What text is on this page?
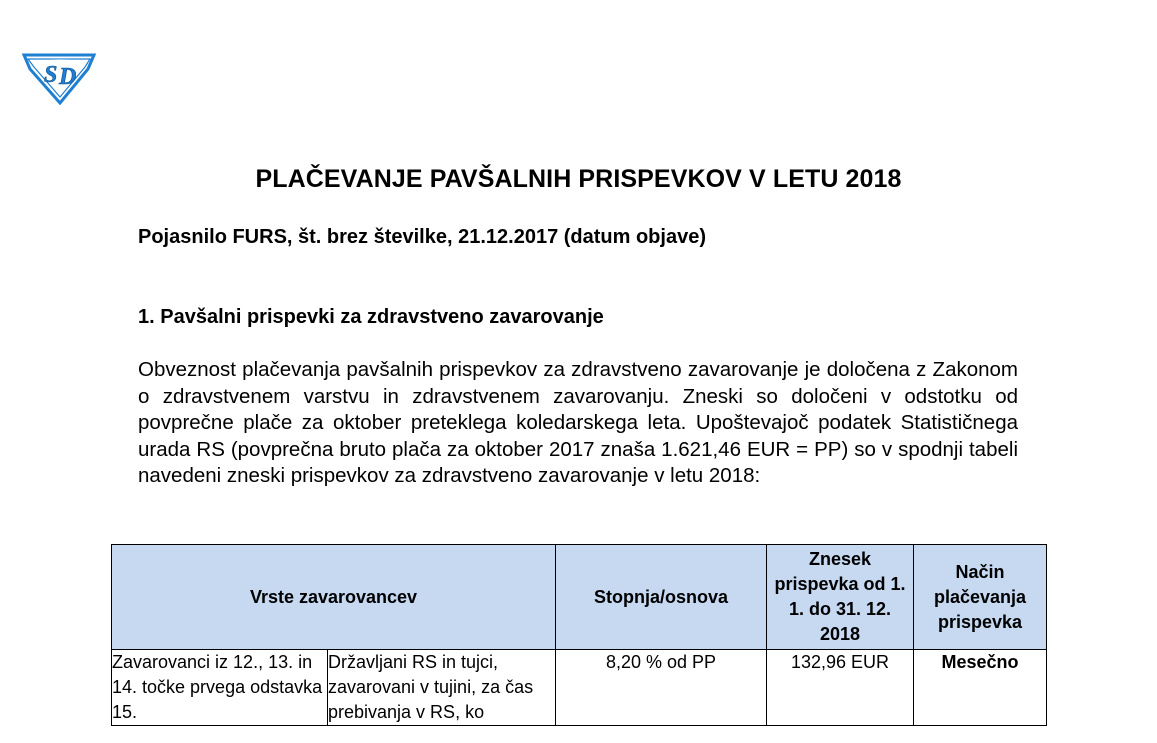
S D
PLAČEVANJE PAVŠALNIH PRISPEVKOV V LETU 2018
Pojasnilo FURS, št. brez številke, 21.12.2017 (datum objave)
1. Pavšalni prispevki za zdravstveno zavarovanje
Obveznost plačevanja pavšalnih prispevkov za zdravstveno zavarovanje je določena z Zakonom o zdravstvenem varstvu in zdravstvenem zavarovanju. Zneski so določeni v odstotku od povprečne plače za oktober preteklega koledarskega leta. Upoštevajoč podatek Statističnega urada RS (povprečna bruto plača za oktober 2017 znaša 1.621,46 EUR = PP) so v spodnji tabeli navedeni zneski prispevkov za zdravstveno zavarovanje v letu 2018:
Vrste zavarovancev		Stopnja/osnova	Znesek prispevka od 1. 1. do 31. 12. 2018	Način plačevanja prispevka
Zavarovanci iz 12., 13. in 14. točke prvega odstavka 15.	Državljani RS in tujci, zavarovani v tujini, za čas prebivanja v RS, ko	8,20 % od PP	132,96 EUR	Mesečno
